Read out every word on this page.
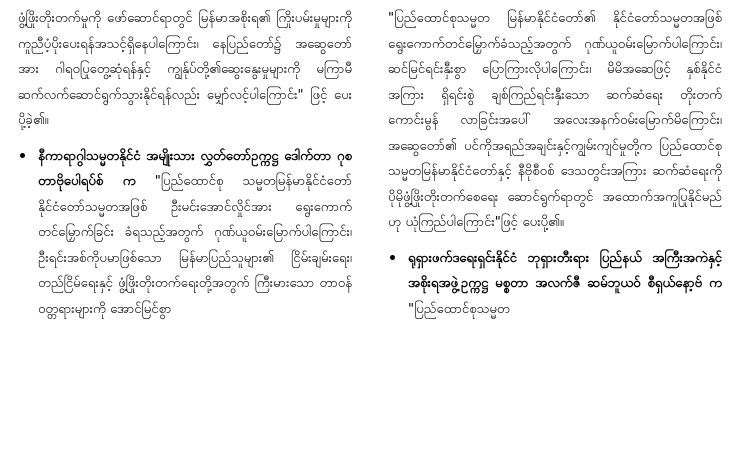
ဖွံ့ဖြိုးတိုးတက်မှုကို ဖော်ဆောင်ရာတွင် မြန်မာအစိုးရ၏ ကြိုးပမ်းမှုများကို ကူညီပံ့ပိုးပေးရန်အသင့်ရှိနေပါကြောင်း၊ နေပြည်တော်၌ အဆွေတော်အား ဂါရဝပြုတွေ့ဆုံရန်နှင့် ကျွန်ုပ်တို့၏ဆွေးနွေးမှုများကို မကြာမီ ဆက်လက်ဆောင်ရွက်သွားနိုင်ရန်လည်း မျှော်လင့်ပါကြောင်း" ဖြင့် ပေးပို့ခဲ့၏။

နီကာရာဂွါသမ္မတနိုင်ငံ အမျိုးသား လွှတ်တော်ဥက္ကဋ္ဌ ဒေါက်တာ ဂုစတာဗိုပေါရပ်စ် က "ပြည်ထောင်စု သမ္မတမြန်မာနိုင်ငံတော် နိုင်ငံတော်သမ္မတအဖြစ် ဦးမင်းအောင်လှိုင်အား ရွေးကောက်တင်မြှောက်ခြင်း ခံရသည့်အတွက် ဂုဏ်ယူဝမ်းမြောက်ပါကြောင်း၊ ဦးရင်းအစ်ကိုပမာဖြစ်သော မြန်မာပြည်သူများ၏ ငြိမ်းချမ်းရေး၊ တည်ငြိမ်ရေးနှင့် ဖွံ့ဖြိုးတိုးတက်ရေးတို့အတွက် ကြီးမားသော တာဝန်ဝတ္တရားများကို အောင်မြင်စွာ

"ပြည်ထောင်စုသမ္မတ မြန်မာနိုင်ငံတော်၏ နိုင်ငံတော်သမ္မတအဖြစ် ရွေးကောက်တင်မြှောက်ခံသည့်အတွက် ဂုဏ်ယူဝမ်းမြောက်ပါကြောင်း၊ ဆင်မြင်ရင်းနှီးစွာ ပြောကြားလိုပါကြောင်း၊ မိမိအဆေဖြင့် နှစ်နိုင်ငံအကြား ရှိရင်းစွဲ ချစ်ကြည်ရင်းနှီးသော ဆက်ဆံရေး တိုးတက်ကောင်းမွန် လာခြင်းအပေါ် အလေးအနက်ဝမ်းမြောက်မိကြောင်း၊ အဆွေတော်၏ ပင်ကိုအရည်အချင်းနှင့်ကျွမ်းကျင်မှုတို့က ပြည်ထောင်စုသမ္မတမြန်မာနိုင်ငံတော်နှင့် နီဗိုစီဝစ် ဒေသတွင်းအကြား ဆက်ဆံရေးကို ပိုမိုဖွံ့ဖြိုးတိုးတက်စေရေး ဆောင်ရွက်ရာတွင် အထောက်အကူပြုနိုင်မည်ဟု ယုံကြည်ပါကြောင်း"ဖြင့် ပေးပို့၏။

ရုရှားဖက်ဒရေးရှင်းနိုင်ငံ ဘုရှားတီးရား ပြည်နယ် အကြီးအကဲနှင့် အစိုးရအဖွဲ့ဥက္ကဋ္ဌ မစ္စတာ အလက်ဇီ ဆမ်ဘူယဝ် စီရှယ်နော့ဗ် က "ပြည်ထောင်စုသမ္မတ
